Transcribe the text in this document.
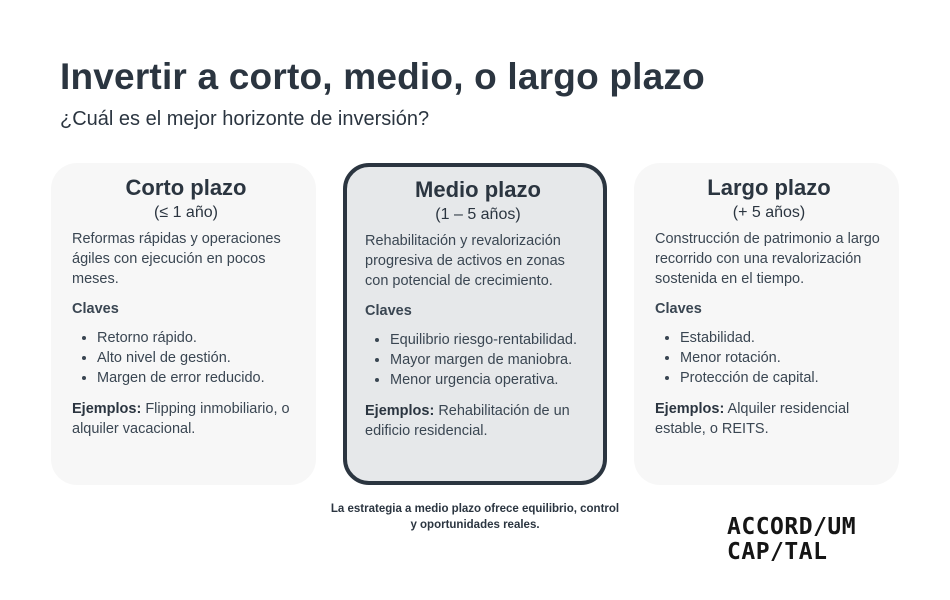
Invertir a corto, medio, o largo plazo

¿Cuál es el mejor horizonte de inversión?

Corto plazo

(≤ 1 año)

Reformas rápidas y operaciones ágiles con ejecución en pocos meses.

Claves

• Retorno rápido.
• Alto nivel de gestión.
• Margen de error reducido.

Ejemplos: Flipping inmobiliario, o alquiler vacacional.

Medio plazo

(1 – 5 años)

Rehabilitación y revalorización progresiva de activos en zonas con potencial de crecimiento.

Claves

• Equilibrio riesgo-rentabilidad.
• Mayor margen de maniobra.
• Menor urgencia operativa.

Ejemplos: Rehabilitación de un edificio residencial.

Largo plazo

(+ 5 años)

Construcción de patrimonio a largo recorrido con una revalorización sostenida en el tiempo.

Claves

• Estabilidad.
• Menor rotación.
• Protección de capital.

Ejemplos: Alquiler residencial estable, o REITS.

La estrategia a medio plazo ofrece equilibrio, control y oportunidades reales.	ACCORD/UM
CAP/TAL
